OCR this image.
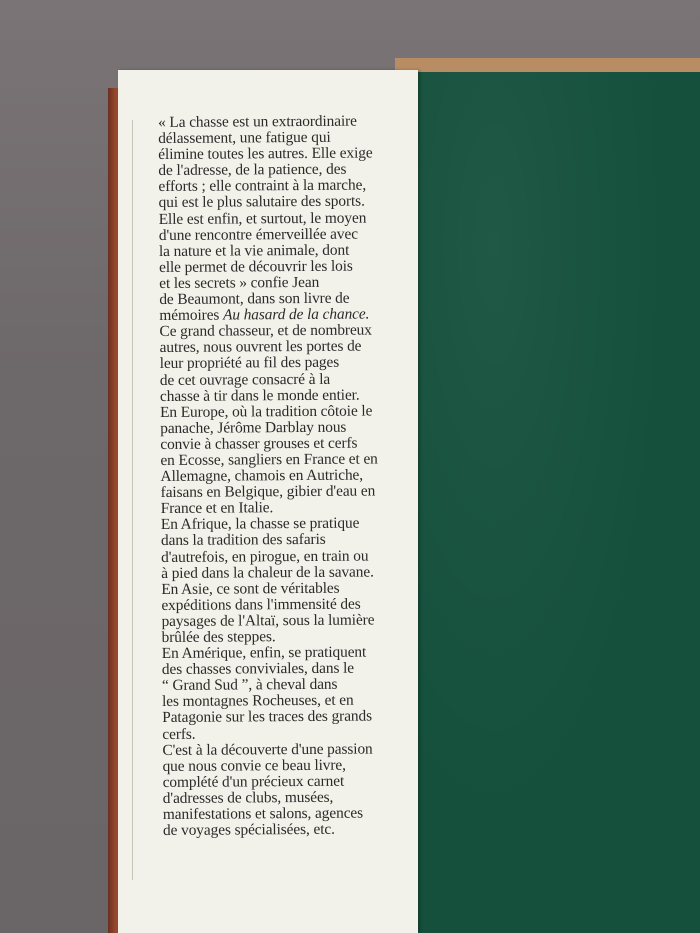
« La chasse est un extraordinaire
délassement, une fatigue qui
élimine toutes les autres. Elle exige
de l'adresse, de la patience, des
efforts ; elle contraint à la marche,
qui est le plus salutaire des sports.
Elle est enfin, et surtout, le moyen
d'une rencontre émerveillée avec
la nature et la vie animale, dont
elle permet de découvrir les lois
et les secrets » confie Jean
de Beaumont, dans son livre de
mémoires Au hasard de la chance.
Ce grand chasseur, et de nombreux
autres, nous ouvrent les portes de
leur propriété au fil des pages
de cet ouvrage consacré à la
chasse à tir dans le monde entier.
En Europe, où la tradition côtoie le
panache, Jérôme Darblay nous
convie à chasser grouses et cerfs
en Ecosse, sangliers en France et en
Allemagne, chamois en Autriche,
faisans en Belgique, gibier d'eau en
France et en Italie.
En Afrique, la chasse se pratique
dans la tradition des safaris
d'autrefois, en pirogue, en train ou
à pied dans la chaleur de la savane.
En Asie, ce sont de véritables
expéditions dans l'immensité des
paysages de l'Altaï, sous la lumière
brûlée des steppes.
En Amérique, enfin, se pratiquent
des chasses conviviales, dans le
“ Grand Sud ”, à cheval dans
les montagnes Rocheuses, et en
Patagonie sur les traces des grands
cerfs.
C'est à la découverte d'une passion
que nous convie ce beau livre,
complété d'un précieux carnet
d'adresses de clubs, musées,
manifestations et salons, agences
de voyages spécialisées, etc.
